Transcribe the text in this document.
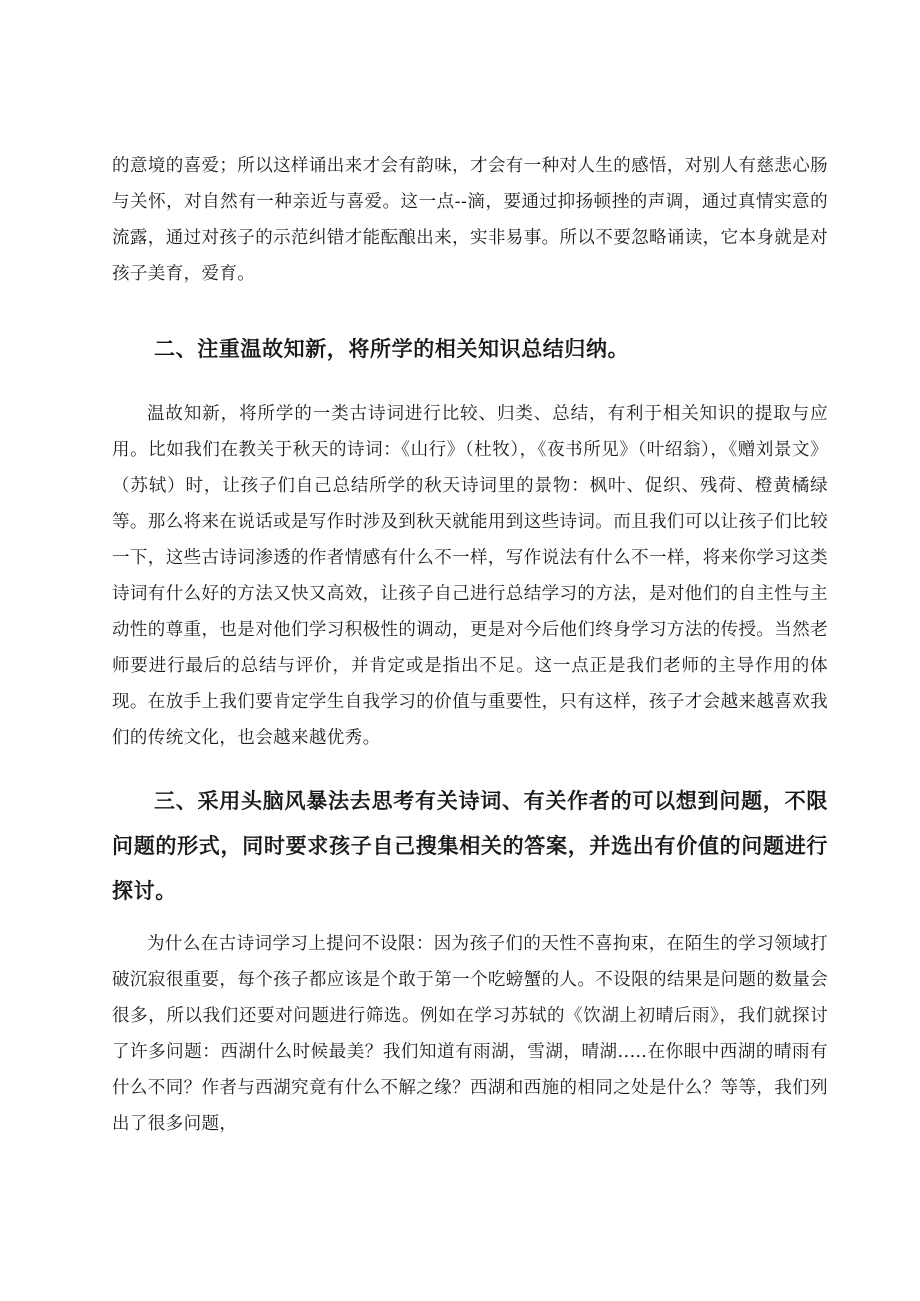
的意境的喜爱；所以这样诵出来才会有韵味，才会有一种对人生的感悟，对别人有慈悲心肠与关怀，对自然有一种亲近与喜爱。这一点--滴，要通过抑扬顿挫的声调，通过真情实意的流露，通过对孩子的示范纠错才能酝酿出来，实非易事。所以不要忽略诵读，它本身就是对孩子美育，爱育。

二、注重温故知新，将所学的相关知识总结归纳。

温故知新，将所学的一类古诗词进行比较、归类、总结，有利于相关知识的提取与应用。比如我们在教关于秋天的诗词：《山行》（杜牧），《夜书所见》（叶绍翁），《赠刘景文》（苏轼）时，让孩子们自己总结所学的秋天诗词里的景物：枫叶、促织、残荷、橙黄橘绿等。那么将来在说话或是写作时涉及到秋天就能用到这些诗词。而且我们可以让孩子们比较一下，这些古诗词渗透的作者情感有什么不一样，写作说法有什么不一样，将来你学习这类诗词有什么好的方法又快又高效，让孩子自己进行总结学习的方法，是对他们的自主性与主动性的尊重，也是对他们学习积极性的调动，更是对今后他们终身学习方法的传授。当然老师要进行最后的总结与评价，并肯定或是指出不足。这一点正是我们老师的主导作用的体现。在放手上我们要肯定学生自我学习的价值与重要性，只有这样，孩子才会越来越喜欢我们的传统文化，也会越来越优秀。

三、采用头脑风暴法去思考有关诗词、有关作者的可以想到问题，不限问题的形式，同时要求孩子自己搜集相关的答案，并选出有价值的问题进行探讨。

为什么在古诗词学习上提问不设限：因为孩子们的天性不喜拘束，在陌生的学习领域打破沉寂很重要，每个孩子都应该是个敢于第一个吃螃蟹的人。不设限的结果是问题的数量会很多，所以我们还要对问题进行筛选。例如在学习苏轼的《饮湖上初晴后雨》，我们就探讨了许多问题：西湖什么时候最美？我们知道有雨湖，雪湖，晴湖..…在你眼中西湖的晴雨有什么不同？作者与西湖究竟有什么不解之缘？西湖和西施的相同之处是什么？等等，我们列出了很多问题，
